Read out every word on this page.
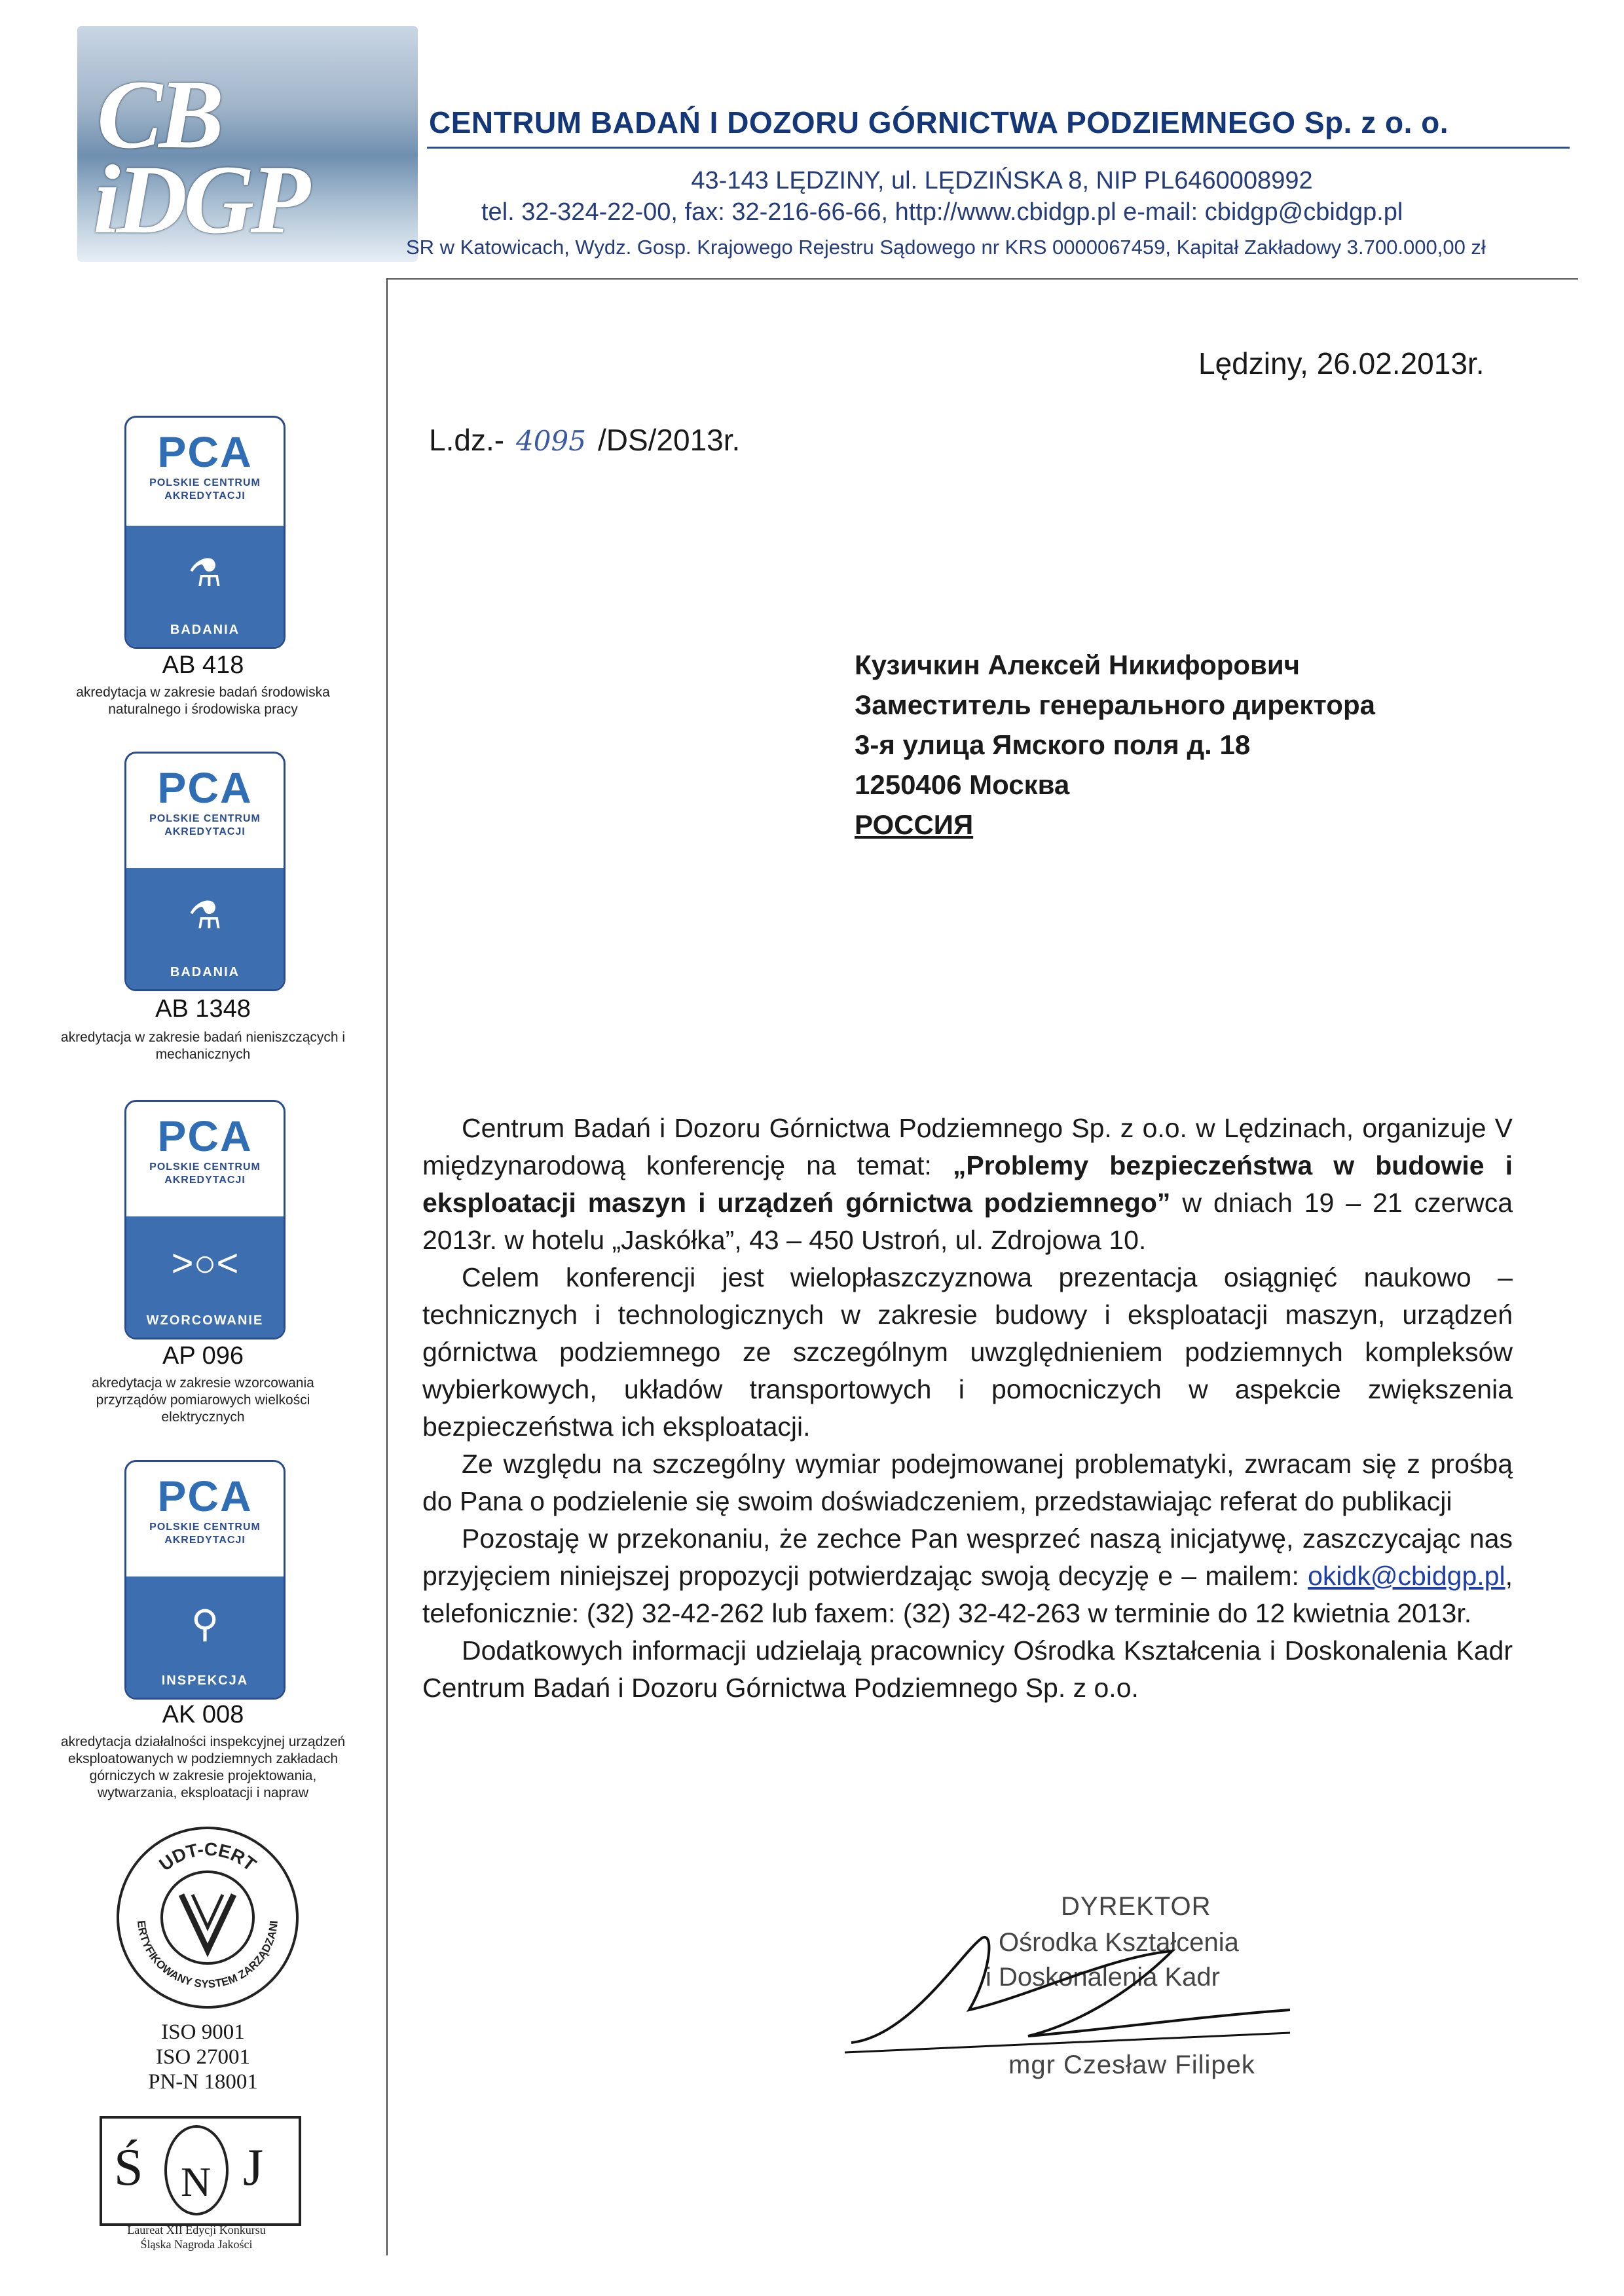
CB
iDGP
CENTRUM BADAŃ I DOZORU GÓRNICTWA PODZIEMNEGO Sp. z o. o.
43-143 LĘDZINY, ul. LĘDZIŃSKA 8, NIP PL6460008992
tel. 32-324-22-00, fax: 32-216-66-66, http://www.cbidgp.pl e-mail: cbidgp@cbidgp.pl
SR w Katowicach, Wydz. Gosp. Krajowego Rejestru Sądowego nr KRS 0000067459, Kapitał Zakładowy 3.700.000,00 zł
PCA
POLSKIE CENTRUM
AKREDYTACJI
⚗
BADANIA
AB 418
akredytacja w zakresie badań środowiska naturalnego i środowiska pracy
PCA
POLSKIE CENTRUM
AKREDYTACJI
⚗
BADANIA
AB 1348
akredytacja w zakresie badań nieniszczących i mechanicznych
PCA
POLSKIE CENTRUM
AKREDYTACJI
>○<
WZORCOWANIE
AP 096
akredytacja w zakresie wzorcowania przyrządów pomiarowych wielkości elektrycznych
PCA
POLSKIE CENTRUM
AKREDYTACJI
⚲
INSPEKCJA
AK 008
akredytacja działalności inspekcyjnej urządzeń eksploatowanych w podziemnych zakładach górniczych w zakresie projektowania, wytwarzania, eksploatacji i napraw
UDT-CERT
ERTYFIKOWANY SYSTEM ZARZĄDZANI
ISO 9001
ISO 27001
PN-N 18001
Ś N J
Laureat XII Edycji Konkursu
Śląska Nagroda Jakości
Lędziny, 26.02.2013r.
L.dz.- 4095 /DS/2013r.
Кузичкин Алексей Никифорович
Заместитель генерального директора
3-я улица Ямского поля д. 18
1250406 Москва
РОССИЯ

Centrum Badań i Dozoru Górnictwa Podziemnego Sp. z o.o. w Lędzinach, organizuje V międzynarodową konferencję na temat: „Problemy bezpieczeństwa w budowie i eksploatacji maszyn i urządzeń górnictwa podziemnego” w dniach 19 – 21 czerwca 2013r. w hotelu „Jaskółka”, 43 – 450 Ustroń, ul. Zdrojowa 10.

Celem konferencji jest wielopłaszczyznowa prezentacja osiągnięć naukowo – technicznych i technologicznych w zakresie budowy i eksploatacji maszyn, urządzeń górnictwa podziemnego ze szczególnym uwzględnieniem podziemnych kompleksów wybierkowych, układów transportowych i pomocniczych w aspekcie zwiększenia bezpieczeństwa ich eksploatacji.

Ze względu na szczególny wymiar podejmowanej problematyki, zwracam się z prośbą do Pana o podzielenie się swoim doświadczeniem, przedstawiając referat do publikacji

Pozostaję w przekonaniu, że zechce Pan wesprzeć naszą inicjatywę, zaszczycając nas przyjęciem niniejszej propozycji potwierdzając swoją decyzję e – mailem: okidk@cbidgp.pl, telefonicznie: (32) 32-42-262 lub faxem: (32) 32-42-263 w terminie do 12 kwietnia 2013r.

Dodatkowych informacji udzielają pracownicy Ośrodka Kształcenia i Doskonalenia Kadr Centrum Badań i Dozoru Górnictwa Podziemnego Sp. z o.o.

DYREKTOR
Ośrodka Kształcenia
i Doskonalenia Kadr
mgr Czesław Filipek
